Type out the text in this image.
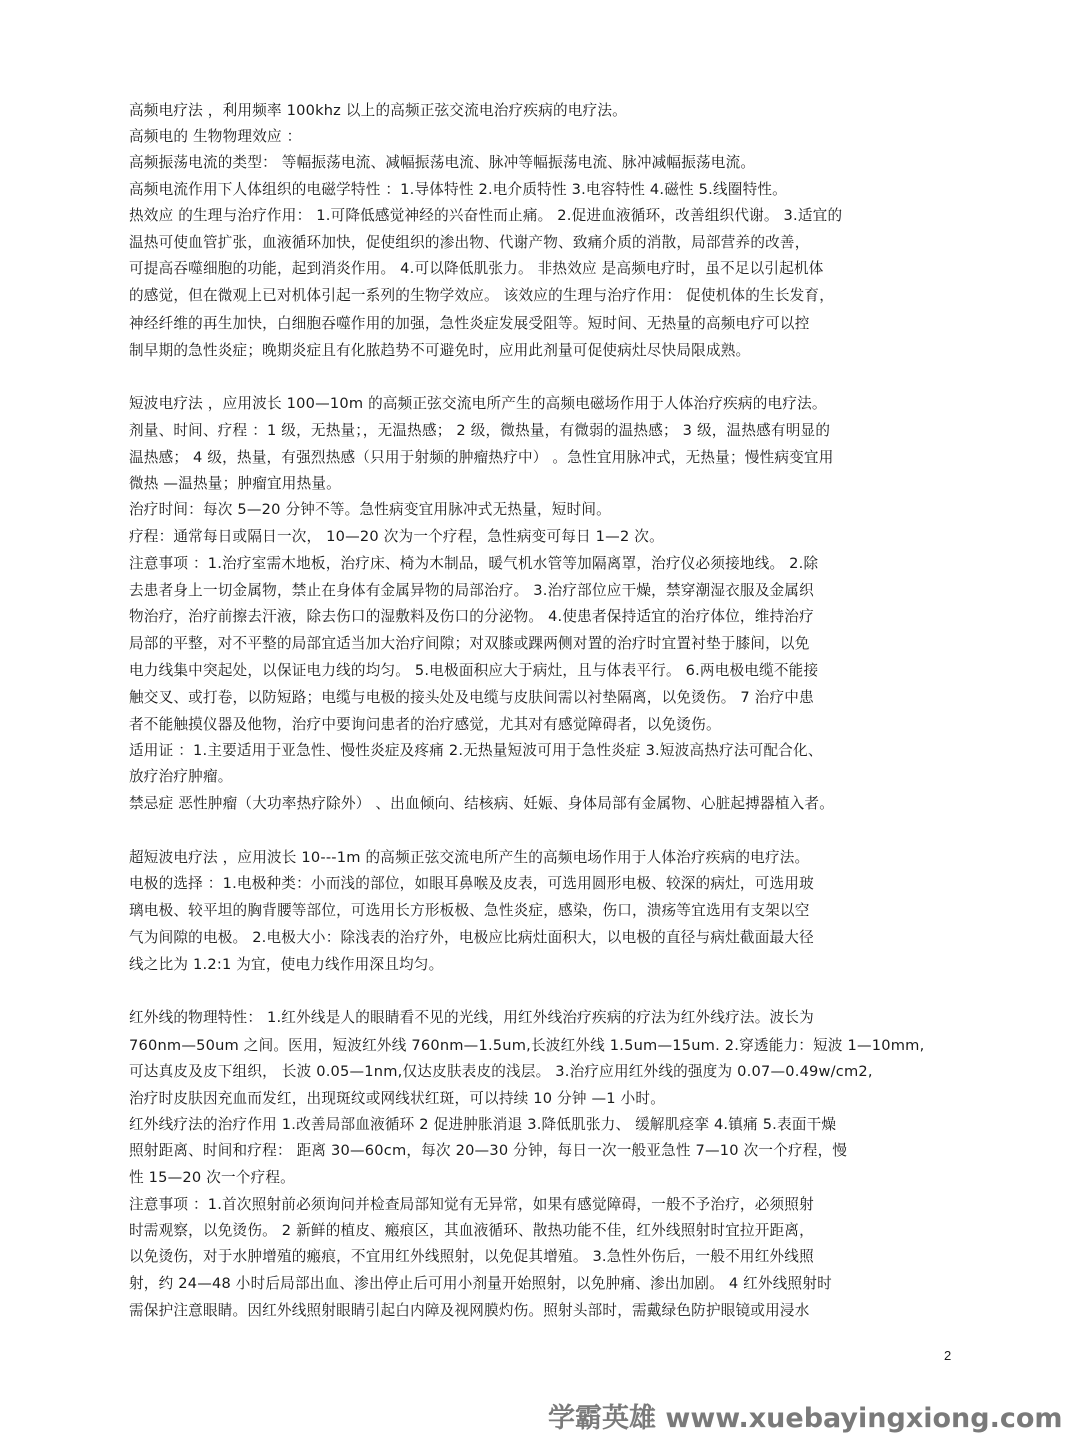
高频电疗法 ，利用频率 100khz 以上的高频正弦交流电治疗疾病的电疗法。
高频电的 生物物理效应 ：
高频振荡电流的类型： 等幅振荡电流、减幅振荡电流、脉冲等幅振荡电流、脉冲减幅振荡电流。
高频电流作用下人体组织的电磁学特性 ：1.导体特性 2.电介质特性 3.电容特性 4.磁性 5.线圈特性。
热效应 的生理与治疗作用： 1.可降低感觉神经的兴奋性而止痛。 2.促进血液循环，改善组织代谢。 3.适宜的
温热可使血管扩张，血液循环加快，促使组织的渗出物、代谢产物、致痛介质的消散，局部营养的改善，
可提高吞噬细胞的功能，起到消炎作用。 4.可以降低肌张力。 非热效应 是高频电疗时，虽不足以引起机体
的感觉，但在微观上已对机体引起一系列的生物学效应。 该效应的生理与治疗作用： 促使机体的生长发育，
神经纤维的再生加快，白细胞吞噬作用的加强，急性炎症发展受阻等。短时间、无热量的高频电疗可以控
制早期的急性炎症；晚期炎症且有化脓趋势不可避免时，应用此剂量可促使病灶尽快局限成熟。
短波电疗法 ，应用波长 100—10m 的高频正弦交流电所产生的高频电磁场作用于人体治疗疾病的电疗法。
剂量、时间、疗程 ：1 级，无热量；，无温热感； 2 级，微热量，有微弱的温热感； 3 级，温热感有明显的
温热感； 4 级，热量，有强烈热感（只用于射频的肿瘤热疗中） 。急性宜用脉冲式，无热量；慢性病变宜用
微热 —温热量；肿瘤宜用热量。
治疗时间：每次 5—20 分钟不等。急性病变宜用脉冲式无热量，短时间。
疗程：通常每日或隔日一次， 10—20 次为一个疗程，急性病变可每日 1—2 次。
注意事项 ：1.治疗室需木地板，治疗床、椅为木制品，暖气机水管等加隔离罩，治疗仪必须接地线。 2.除
去患者身上一切金属物，禁止在身体有金属异物的局部治疗。 3.治疗部位应干燥，禁穿潮湿衣服及金属织
物治疗，治疗前擦去汗液，除去伤口的湿敷料及伤口的分泌物。 4.使患者保持适宜的治疗体位，维持治疗
局部的平整，对不平整的局部宜适当加大治疗间隙；对双膝或踝两侧对置的治疗时宜置衬垫于膝间，以免
电力线集中突起处，以保证电力线的均匀。 5.电极面积应大于病灶，且与体表平行。 6.两电极电缆不能接
触交叉、或打卷，以防短路；电缆与电极的接头处及电缆与皮肤间需以衬垫隔离，以免烫伤。 7 治疗中患
者不能触摸仪器及他物，治疗中要询问患者的治疗感觉，尤其对有感觉障碍者，以免烫伤。
适用证 ：1.主要适用于亚急性、慢性炎症及疼痛 2.无热量短波可用于急性炎症 3.短波高热疗法可配合化、
放疗治疗肿瘤。
禁忌症 恶性肿瘤（大功率热疗除外） 、出血倾向、结核病、妊娠、身体局部有金属物、心脏起搏器植入者。
超短波电疗法 ，应用波长 10---1m 的高频正弦交流电所产生的高频电场作用于人体治疗疾病的电疗法。
电极的选择 ：1.电极种类：小而浅的部位，如眼耳鼻喉及皮表，可选用圆形电极、较深的病灶，可选用玻
璃电极、较平坦的胸背腰等部位，可选用长方形板极、急性炎症，感染，伤口，溃疡等宜选用有支架以空
气为间隙的电极。 2.电极大小：除浅表的治疗外，电极应比病灶面积大，以电极的直径与病灶截面最大径
线之比为 1.2:1 为宜，使电力线作用深且均匀。
红外线的物理特性： 1.红外线是人的眼睛看不见的光线，用红外线治疗疾病的疗法为红外线疗法。波长为
760nm—50um 之间。医用，短波红外线 760nm—1.5um,长波红外线 1.5um—15um. 2.穿透能力：短波 1—10mm,
可达真皮及皮下组织， 长波 0.05—1nm,仅达皮肤表皮的浅层。 3.治疗应用红外线的强度为 0.07—0.49w/cm2,
治疗时皮肤因充血而发红，出现斑纹或网线状红斑，可以持续 10 分钟 —1 小时。
红外线疗法的治疗作用 1.改善局部血液循环 2 促进肿胀消退 3.降低肌张力、 缓解肌痉挛 4.镇痛 5.表面干燥
照射距离、时间和疗程： 距离 30—60cm，每次 20—30 分钟，每日一次一般亚急性 7—10 次一个疗程，慢
性 15—20 次一个疗程。
注意事项 ：1.首次照射前必须询问并检查局部知觉有无异常，如果有感觉障碍，一般不予治疗，必须照射
时需观察，以免烫伤。 2 新鲜的植皮、瘢痕区，其血液循环、散热功能不佳，红外线照射时宜拉开距离，
以免烫伤，对于水肿增殖的瘢痕，不宜用红外线照射，以免促其增殖。 3.急性外伤后，一般不用红外线照
射，约 24—48 小时后局部出血、渗出停止后可用小剂量开始照射，以免肿痛、渗出加剧。 4 红外线照射时
需保护注意眼睛。因红外线照射眼睛引起白内障及视网膜灼伤。照射头部时，需戴绿色防护眼镜或用浸水
2
学霸英雄 www.xuebayingxiong.com
